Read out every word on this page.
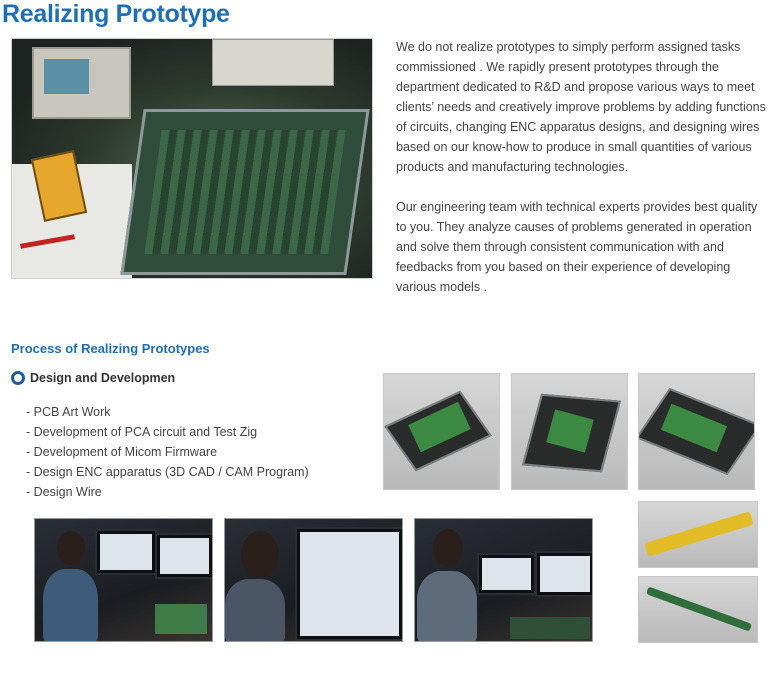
Realizing Prototype

We do not realize prototypes to simply perform assigned tasks commissioned . We rapidly present prototypes through the department dedicated to R&D and propose various ways to meet clients’ needs and creatively improve problems by adding functions of circuits, changing ENC apparatus designs, and designing wires based on our know-how to produce in small quantities of various products and manufacturing technologies.

Our engineering team with technical experts provides best quality to you. They analyze causes of problems generated in operation and solve them through consistent communication with and feedbacks from you based on their experience of developing various models .

Process of Realizing Prototypes
Design and Developmen
- PCB Art Work
- Development of PCA circuit and Test Zig
- Development of Micom Firmware
- Design ENC apparatus (3D CAD / CAM Program)
- Design Wire
